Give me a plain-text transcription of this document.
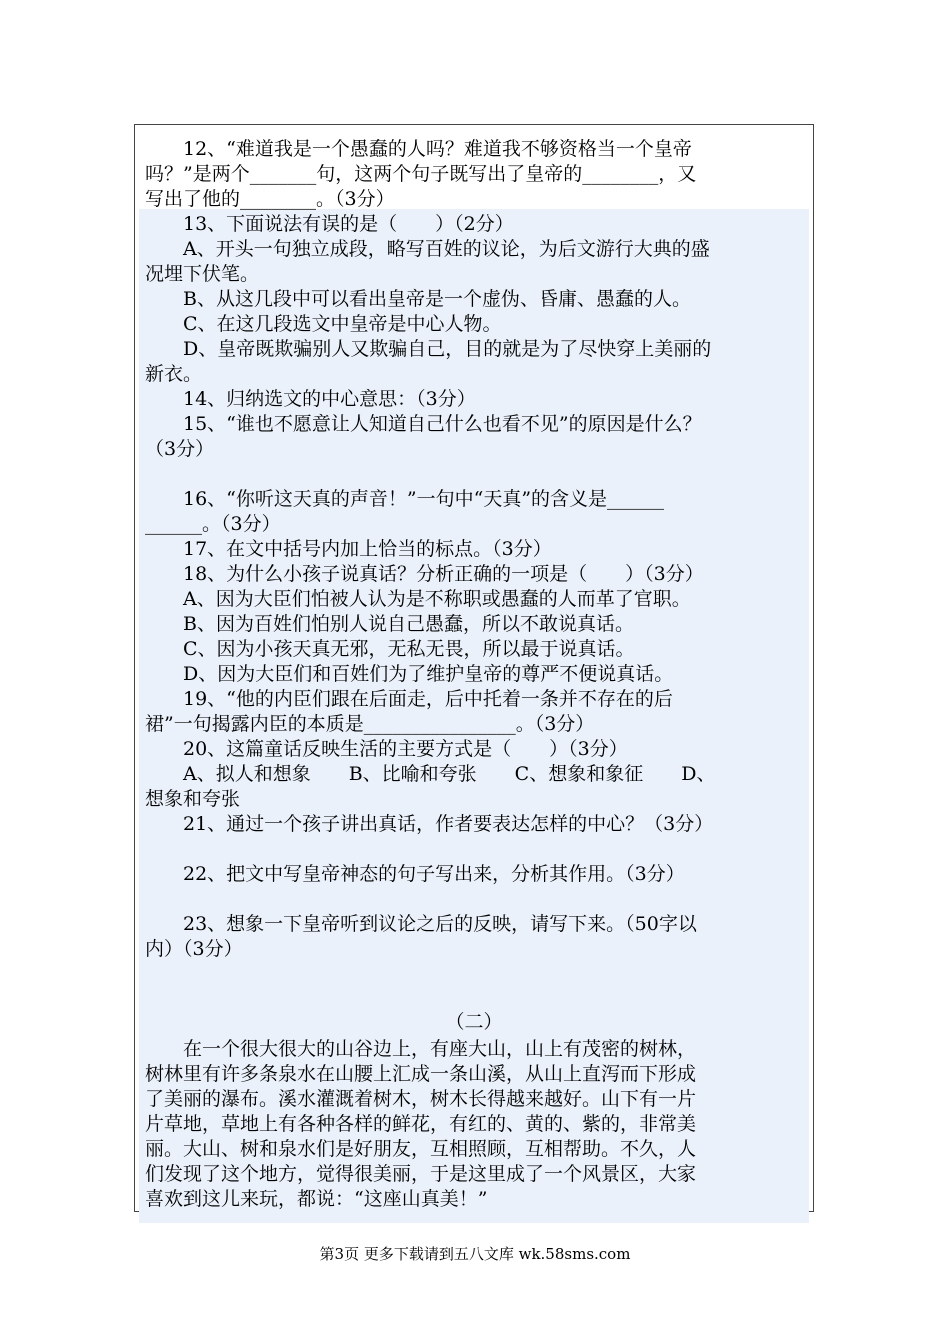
12、“难道我是一个愚蠢的人吗？难道我不够资格当一个皇帝
吗？”是两个_______句，这两个句子既写出了皇帝的________，又
写出了他的________。（3分）
13、下面说法有误的是（　　）（2分）
A、开头一句独立成段，略写百姓的议论，为后文游行大典的盛
况埋下伏笔。
B、从这几段中可以看出皇帝是一个虚伪、昏庸、愚蠢的人。
C、在这几段选文中皇帝是中心人物。
D、皇帝既欺骗别人又欺骗自己，目的就是为了尽快穿上美丽的
新衣。
14、归纳选文的中心意思：（3分）
15、“谁也不愿意让人知道自己什么也看不见”的原因是什么？
（3分）
16、“你听这天真的声音！”一句中“天真”的含义是______
______。（3分）
17、在文中括号内加上恰当的标点。（3分）
18、为什么小孩子说真话？分析正确的一项是（　　）（3分）
A、因为大臣们怕被人认为是不称职或愚蠢的人而革了官职。
B、因为百姓们怕别人说自己愚蠢，所以不敢说真话。
C、因为小孩天真无邪，无私无畏，所以最于说真话。
D、因为大臣们和百姓们为了维护皇帝的尊严不便说真话。
19、“他的内臣们跟在后面走，后中托着一条并不存在的后
裙”一句揭露内臣的本质是________________。（3分）
20、这篇童话反映生活的主要方式是（　　）（3分）
A、拟人和想象　　B、比喻和夸张　　C、想象和象征　　D、
想象和夸张
21、通过一个孩子讲出真话，作者要表达怎样的中心？（3分）
22、把文中写皇帝神态的句子写出来，分析其作用。（3分）
23、想象一下皇帝听到议论之后的反映，请写下来。（50字以
内）（3分）
（二）
在一个很大很大的山谷边上，有座大山，山上有茂密的树林，
树林里有许多条泉水在山腰上汇成一条山溪，从山上直泻而下形成
了美丽的瀑布。溪水灌溉着树木，树木长得越来越好。山下有一片
片草地，草地上有各种各样的鲜花，有红的、黄的、紫的，非常美
丽。大山、树和泉水们是好朋友，互相照顾，互相帮助。不久，人
们发现了这个地方，觉得很美丽，于是这里成了一个风景区，大家
喜欢到这儿来玩，都说：“这座山真美！”
第3页 更多下载请到五八文库 wk.58sms.com
